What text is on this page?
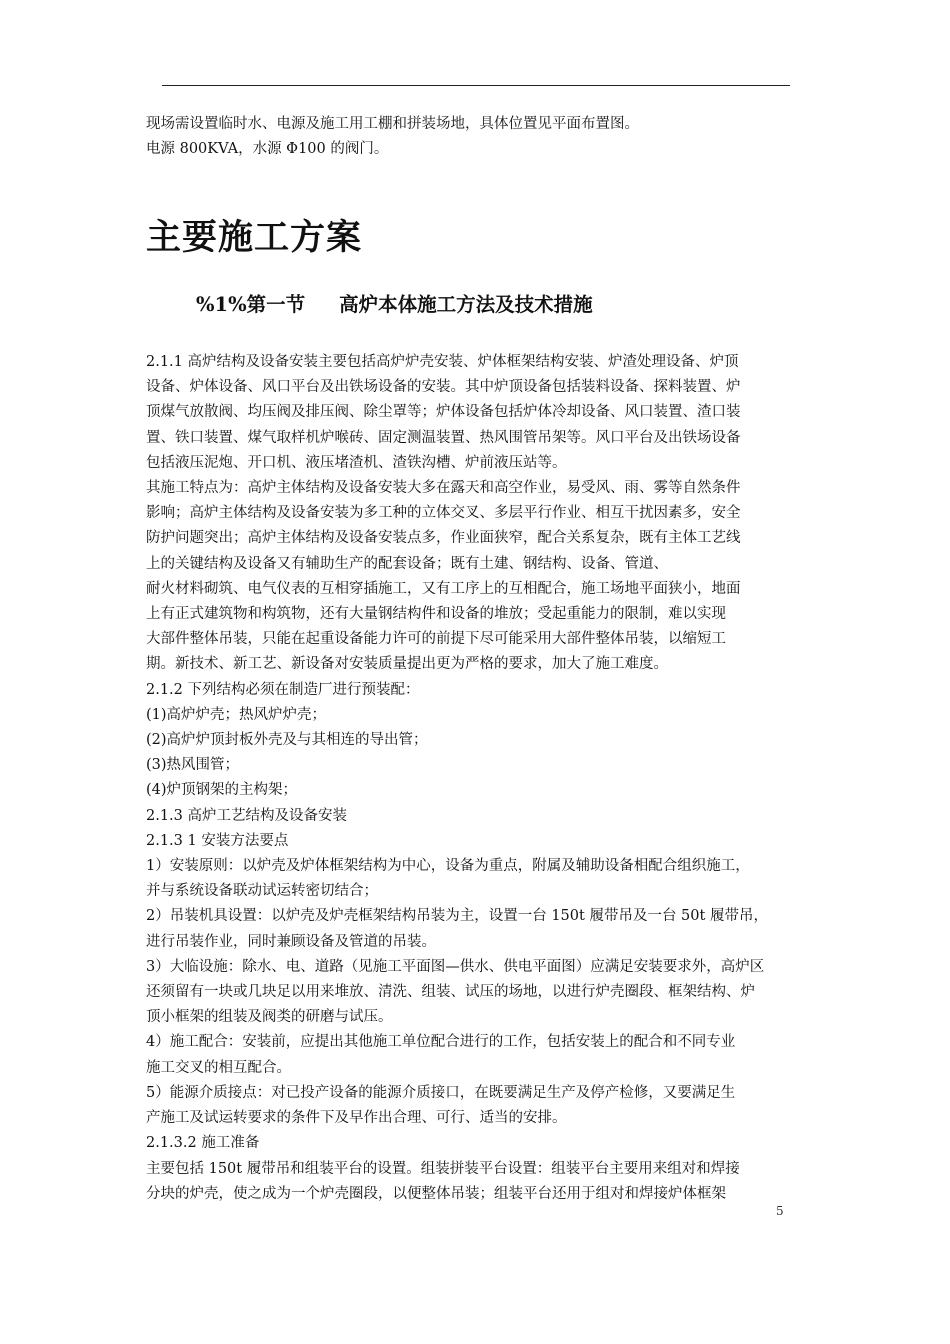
现场需设置临时水、电源及施工用工棚和拼装场地，具体位置见平面布置图。

电源 800KVA，水源 Φ100 的阀门。

主要施工方案
%1%第一节 高炉本体施工方法及技术措施

2.1.1 高炉结构及设备安装主要包括高炉炉壳安装、炉体框架结构安装、炉渣处理设备、炉顶

设备、炉体设备、风口平台及出铁场设备的安装。其中炉顶设备包括装料设备、探料装置、炉

顶煤气放散阀、均压阀及排压阀、除尘罩等；炉体设备包括炉体冷却设备、风口装置、渣口装

置、铁口装置、煤气取样机炉喉砖、固定测温装置、热风围管吊架等。风口平台及出铁场设备

包括液压泥炮、开口机、液压堵渣机、渣铁沟槽、炉前液压站等。

其施工特点为：高炉主体结构及设备安装大多在露天和高空作业，易受风、雨、雾等自然条件

影响；高炉主体结构及设备安装为多工种的立体交叉、多层平行作业、相互干扰因素多，安全

防护问题突出；高炉主体结构及设备安装点多，作业面狭窄，配合关系复杂，既有主体工艺线

上的关键结构及设备又有辅助生产的配套设备；既有土建、钢结构、设备、管道、

耐火材料砌筑、电气仪表的互相穿插施工，又有工序上的互相配合，施工场地平面狭小，地面

上有正式建筑物和构筑物，还有大量钢结构件和设备的堆放；受起重能力的限制，难以实现

大部件整体吊装，只能在起重设备能力许可的前提下尽可能采用大部件整体吊装，以缩短工

期。新技术、新工艺、新设备对安装质量提出更为严格的要求，加大了施工难度。

2.1.2 下列结构必须在制造厂进行预装配：

(1)高炉炉壳；热风炉炉壳；

(2)高炉炉顶封板外壳及与其相连的导出管；

(3)热风围管；

(4)炉顶钢架的主构架；

2.1.3 高炉工艺结构及设备安装

2.1.3 1 安装方法要点

1）安装原则：以炉壳及炉体框架结构为中心，设备为重点，附属及辅助设备相配合组织施工，

并与系统设备联动试运转密切结合；

2）吊装机具设置：以炉壳及炉壳框架结构吊装为主，设置一台 150t 履带吊及一台 50t 履带吊，

进行吊装作业，同时兼顾设备及管道的吊装。

3）大临设施：除水、电、道路（见施工平面图—供水、供电平面图）应满足安装要求外，高炉区

还须留有一块或几块足以用来堆放、清洗、组装、试压的场地，以进行炉壳圈段、框架结构、炉

顶小框架的组装及阀类的研磨与试压。

4）施工配合：安装前，应提出其他施工单位配合进行的工作，包括安装上的配合和不同专业

施工交叉的相互配合。

5）能源介质接点：对已投产设备的能源介质接口，在既要满足生产及停产检修，又要满足生

产施工及试运转要求的条件下及早作出合理、可行、适当的安排。

2.1.3.2 施工准备

主要包括 150t 履带吊和组装平台的设置。组装拼装平台设置：组装平台主要用来组对和焊接

分块的炉壳，使之成为一个炉壳圈段，以便整体吊装；组装平台还用于组对和焊接炉体框架

5
